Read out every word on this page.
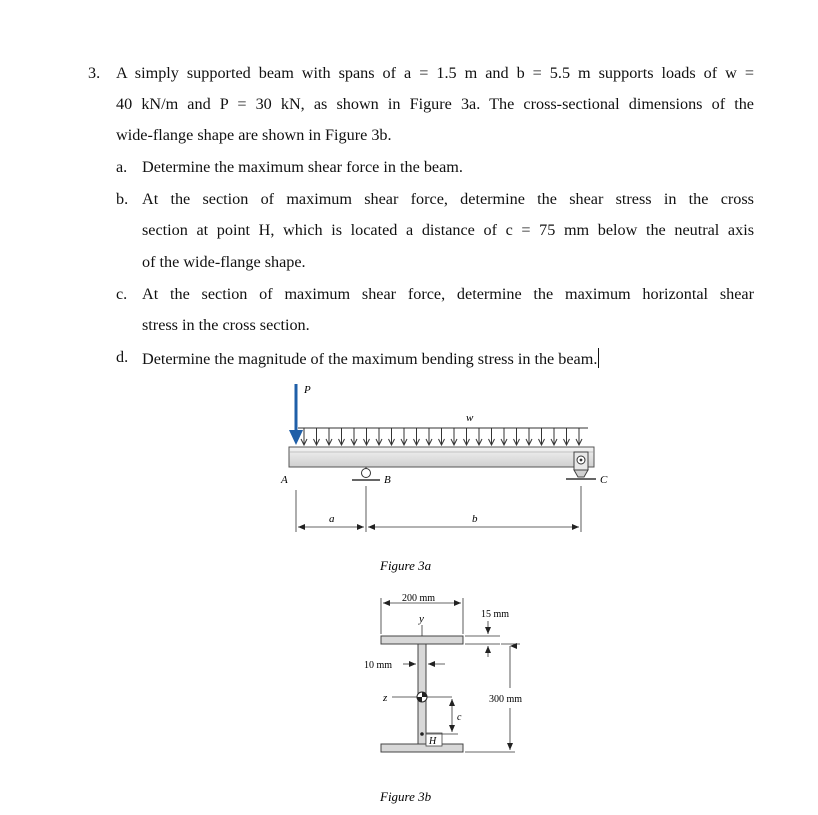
3. A simply supported beam with spans of a = 1.5 m and b = 5.5 m supports loads of w =
40 kN/m and P = 30 kN, as shown in Figure 3a. The cross-sectional dimensions of the
wide-flange shape are shown in Figure 3b.
a. Determine the maximum shear force in the beam.
b. At the section of maximum shear force, determine the shear stress in the cross
section at point H, which is located a distance of c = 75 mm below the neutral axis
of the wide-flange shape.
c. At the section of maximum shear force, determine the maximum horizontal shear
stress in the cross section.
d. Determine the magnitude of the maximum bending stress in the beam.
P
w
B	C
A
a	b
Figure 3a
y
z
H
c
200 mm
15 mm
300 mm
10 mm
Figure 3b
